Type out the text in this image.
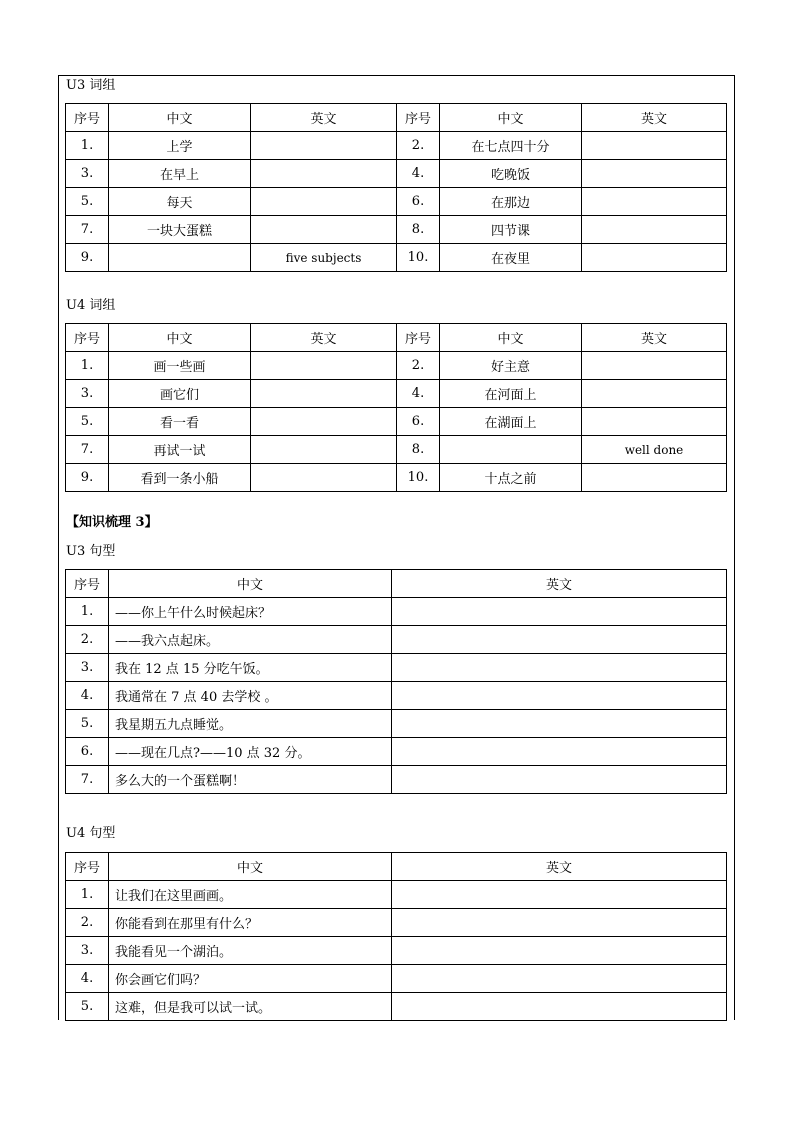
U3 词组
序号	中文	英文	序号	中文	英文
1.	上学		2.	在七点四十分	
3.	在早上		4.	吃晚饭	
5.	每天		6.	在那边	
7.	一块大蛋糕		8.	四节课	
9.		five subjects	10.	在夜里	
U4 词组
序号	中文	英文	序号	中文	英文
1.	画一些画		2.	好主意	
3.	画它们		4.	在河面上	
5.	看一看		6.	在湖面上	
7.	再试一试		8.		well done
9.	看到一条小船		10.	十点之前	
【知识梳理 3】
U3 句型
序号	中文	英文
1.	——你上午什么时候起床？	
2.	——我六点起床。	
3.	我在 12 点 15 分吃午饭。	
4.	我通常在 7 点 40 去学校 。	
5.	我星期五九点睡觉。	
6.	——现在几点?——10 点 32 分。	
7.	多么大的一个蛋糕啊！	
U4 句型
序号	中文	英文
1.	让我们在这里画画。	
2.	你能看到在那里有什么？	
3.	我能看见一个湖泊。	
4.	你会画它们吗？	
5.	这难，但是我可以试一试。	
